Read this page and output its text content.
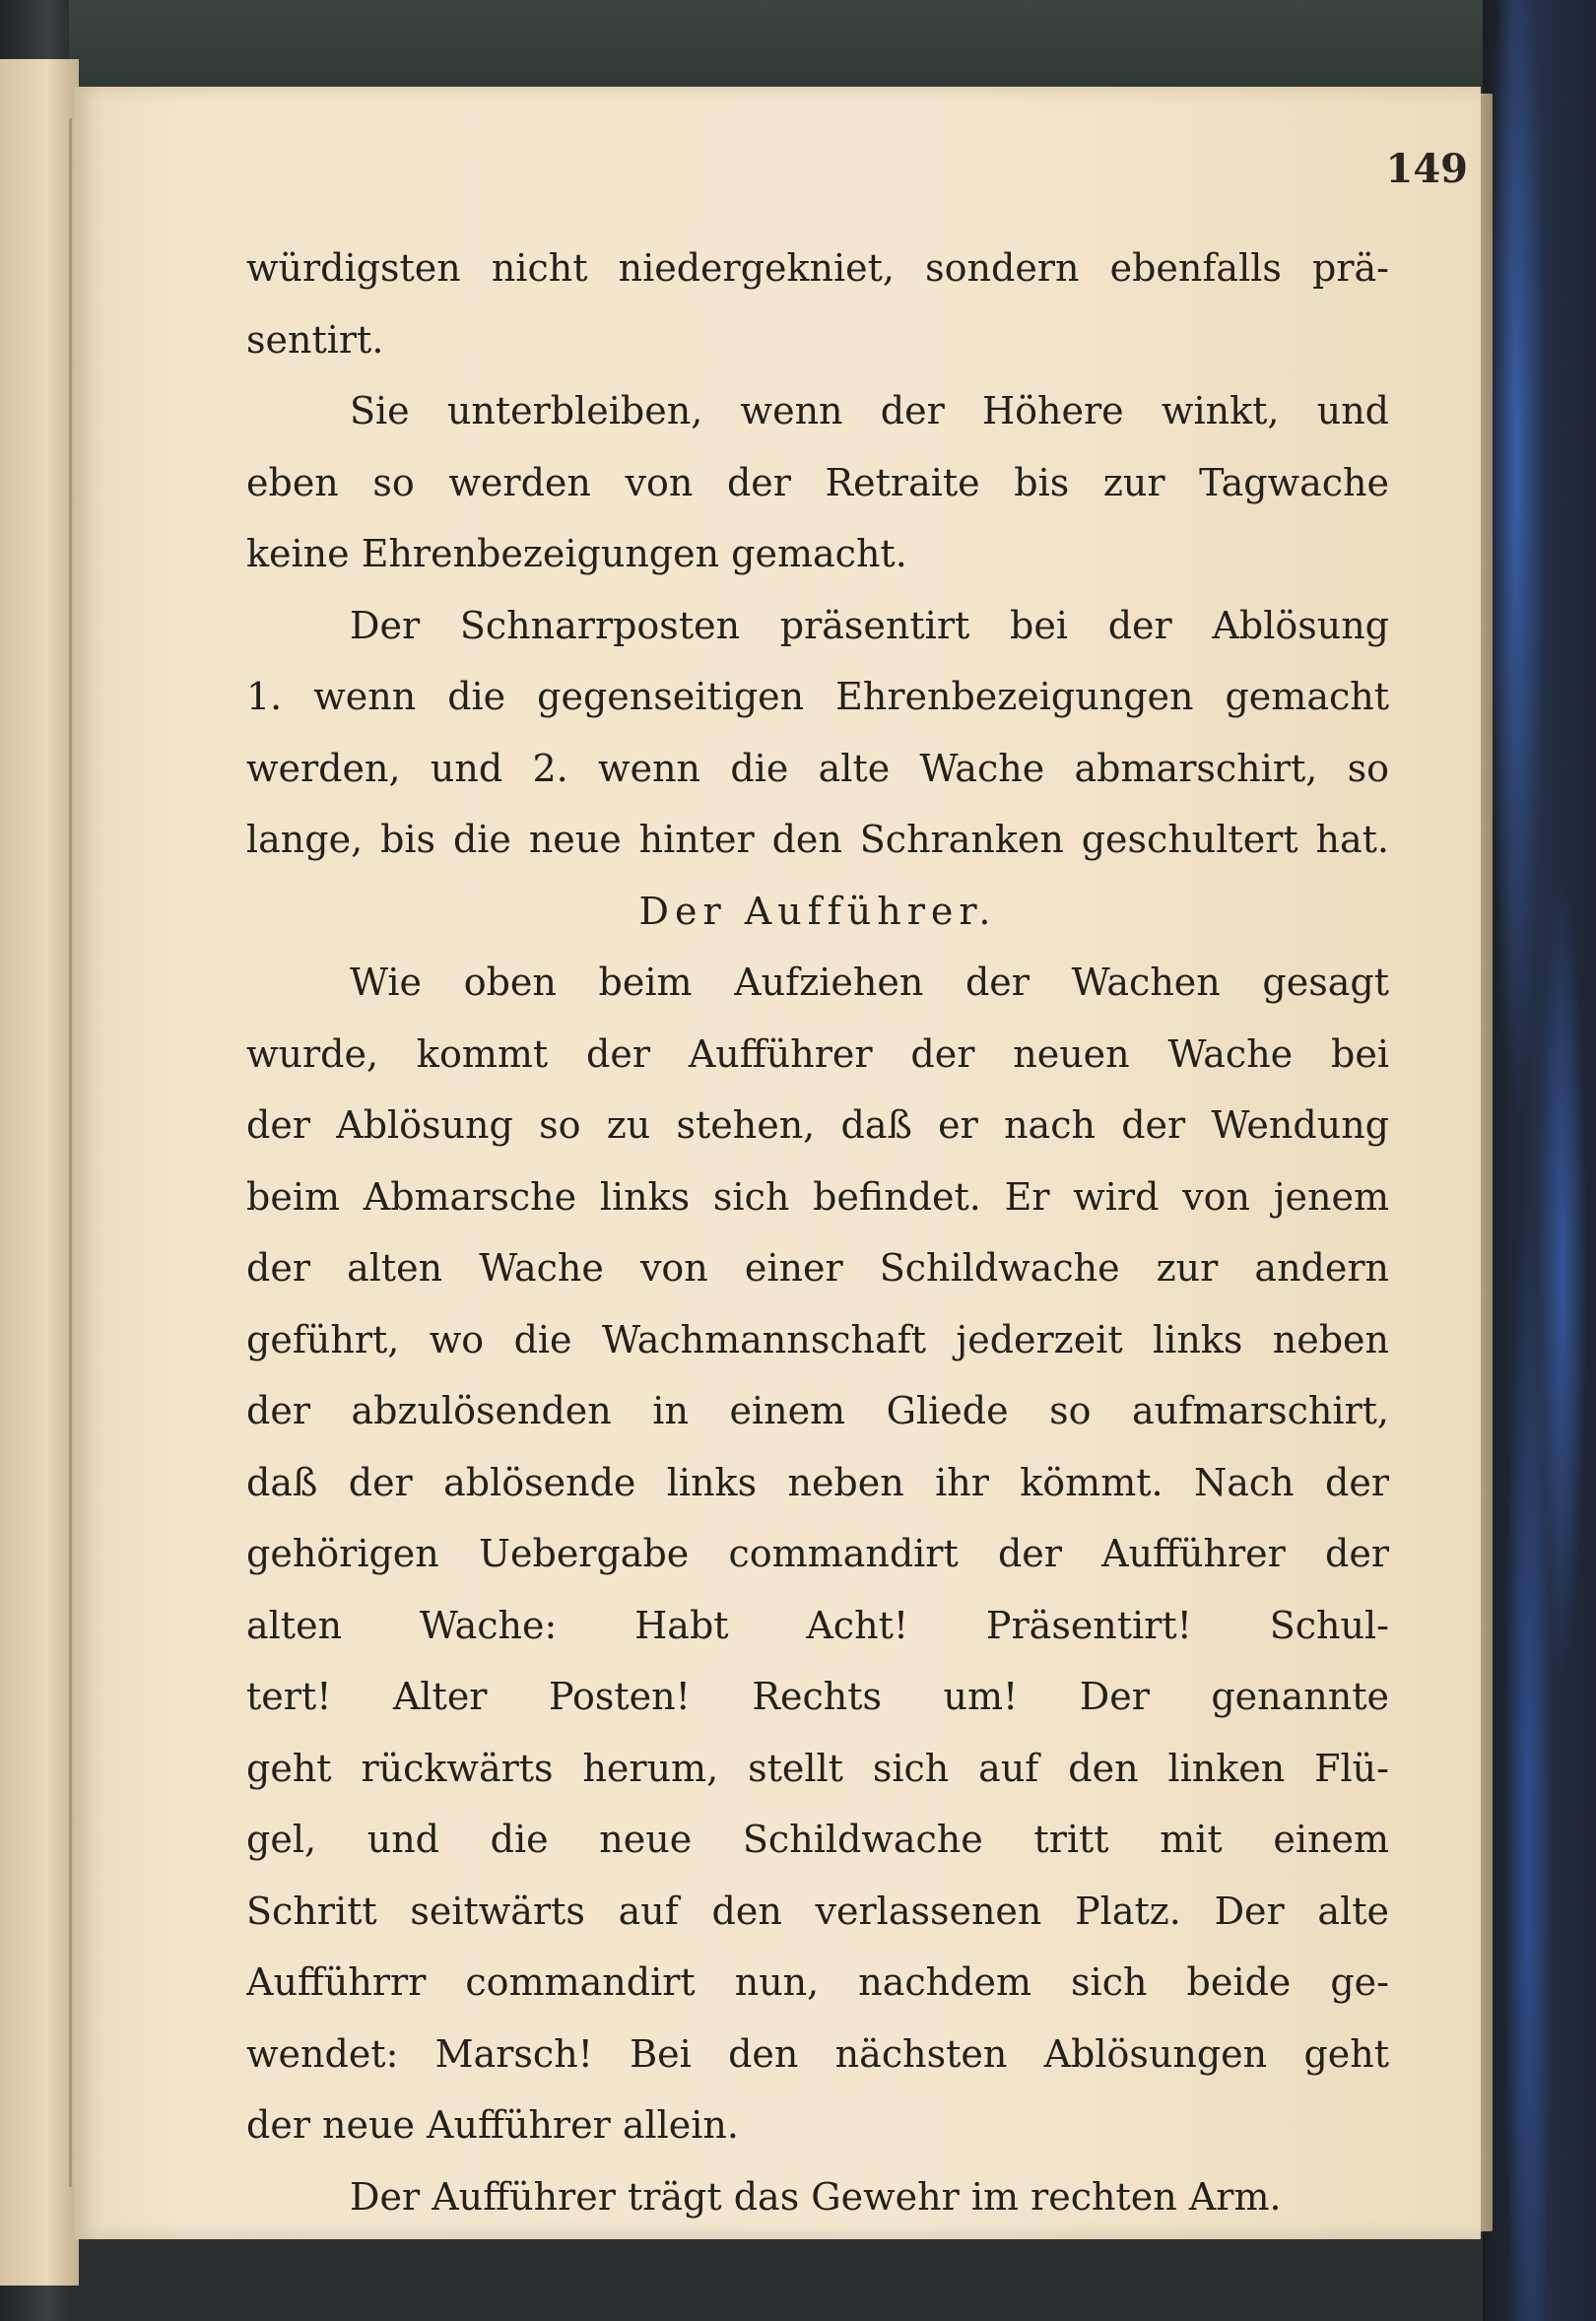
149
würdigsten nicht niedergekniet, sondern ebenfalls prä-
sentirt.
Sie unterbleiben, wenn der Höhere winkt, und
eben so werden von der Retraite bis zur Tagwache
keine Ehrenbezeigungen gemacht.
Der Schnarrposten präsentirt bei der Ablösung
1. wenn die gegenseitigen Ehrenbezeigungen gemacht
werden, und 2. wenn die alte Wache abmarschirt, so
lange, bis die neue hinter den Schranken geschultert hat.
Der Aufführer.
Wie oben beim Aufziehen der Wachen gesagt
wurde, kommt der Aufführer der neuen Wache bei
der Ablösung so zu stehen, daß er nach der Wendung
beim Abmarsche links sich befindet. Er wird von jenem
der alten Wache von einer Schildwache zur andern
geführt, wo die Wachmannschaft jederzeit links neben
der abzulösenden in einem Gliede so aufmarschirt,
daß der ablösende links neben ihr kömmt. Nach der
gehörigen Uebergabe commandirt der Aufführer der
alten Wache: Habt Acht! Präsentirt! Schul-
tert! Alter Posten! Rechts um! Der genannte
geht rückwärts herum, stellt sich auf den linken Flü-
gel, und die neue Schildwache tritt mit einem
Schritt seitwärts auf den verlassenen Platz. Der alte
Aufführrr commandirt nun, nachdem sich beide ge-
wendet: Marsch! Bei den nächsten Ablösungen geht
der neue Aufführer allein.
Der Aufführer trägt das Gewehr im rechten Arm.
